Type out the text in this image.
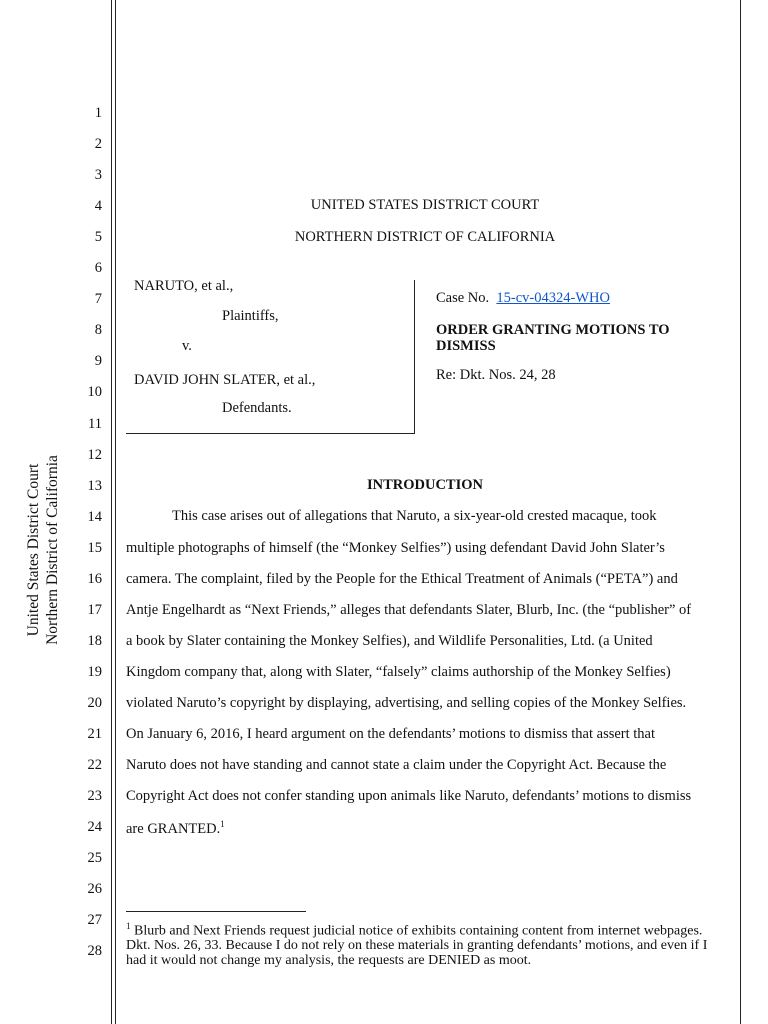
United States District Court Northern District of California
1
2
3
4
5
6
7
8
9
10
11
12
13
14
15
16
17
18
19
20
21
22
23
24
25
26
27
28
UNITED STATES DISTRICT COURT
NORTHERN DISTRICT OF CALIFORNIA
NARUTO, et al.,
Plaintiffs,
v.
DAVID JOHN SLATER, et al.,
Defendants.
Case No. 15-cv-04324-WHO
ORDER GRANTING MOTIONS TO
DISMISS
Re: Dkt. Nos. 24, 28
INTRODUCTION
This case arises out of allegations that Naruto, a six-year-old crested macaque, took
multiple photographs of himself (the “Monkey Selfies”) using defendant David John Slater’s
camera. The complaint, filed by the People for the Ethical Treatment of Animals (“PETA”) and
Antje Engelhardt as “Next Friends,” alleges that defendants Slater, Blurb, Inc. (the “publisher” of
a book by Slater containing the Monkey Selfies), and Wildlife Personalities, Ltd. (a United
Kingdom company that, along with Slater, “falsely” claims authorship of the Monkey Selfies)
violated Naruto’s copyright by displaying, advertising, and selling copies of the Monkey Selfies.
On January 6, 2016, I heard argument on the defendants’ motions to dismiss that assert that
Naruto does not have standing and cannot state a claim under the Copyright Act. Because the
Copyright Act does not confer standing upon animals like Naruto, defendants’ motions to dismiss
are GRANTED.$^1$
$^1$ Blurb and Next Friends request judicial notice of exhibits containing content from internet webpages. Dkt. Nos. 26, 33. Because I do not rely on these materials in granting defendants’ motions, and even if I had it would not change my analysis, the requests are DENIED as moot.
